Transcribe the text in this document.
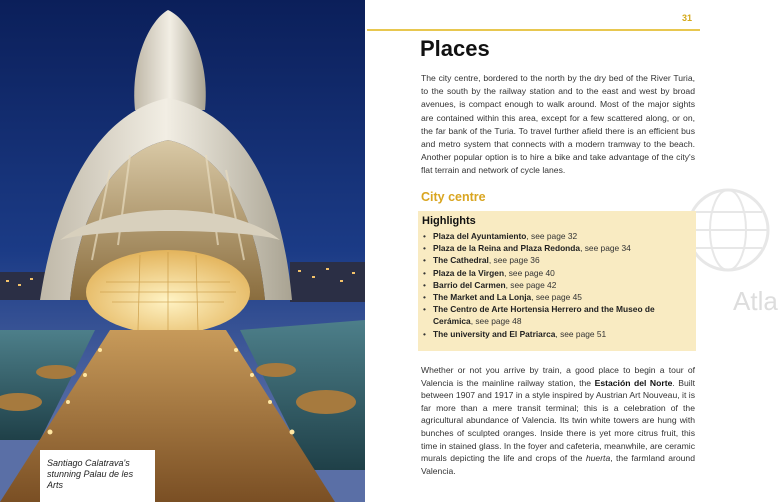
Santiago Calatrava's stunning Palau de les Arts
31
Places

The city centre, bordered to the north by the dry bed of the River Turia, to the south by the railway station and to the east and west by broad avenues, is compact enough to walk around. Most of the major sights are contained within this area, except for a few scattered along, or on, the far bank of the Turia. To travel further afield there is an efficient bus and metro system that connects with a modern tramway to the beach. Another popular option is to hire a bike and take advantage of the city's flat terrain and network of cycle lanes.

City centre
Highlights
• Plaza del Ayuntamiento, see page 32
• Plaza de la Reina and Plaza Redonda, see page 34
• The Cathedral, see page 36
• Plaza de la Virgen, see page 40
• Barrio del Carmen, see page 42
• The Market and La Lonja, see page 45
• The Centro de Arte Hortensia Herrero and the Museo de Cerámica, see page 48
• The university and El Patriarca, see page 51

Whether or not you arrive by train, a good place to begin a tour of Valencia is the mainline railway station, the Estación del Norte. Built between 1907 and 1917 in a style inspired by Austrian Art Nouveau, it is far more than a mere transit terminal; this is a celebration of the agricultural abundance of Valencia. Its twin white towers are hung with bunches of sculpted oranges. Inside there is yet more citrus fruit, this time in stained glass. In the foyer and cafeteria, meanwhile, are ceramic murals depicting the life and crops of the huerta, the farmland around Valencia.

Atla
